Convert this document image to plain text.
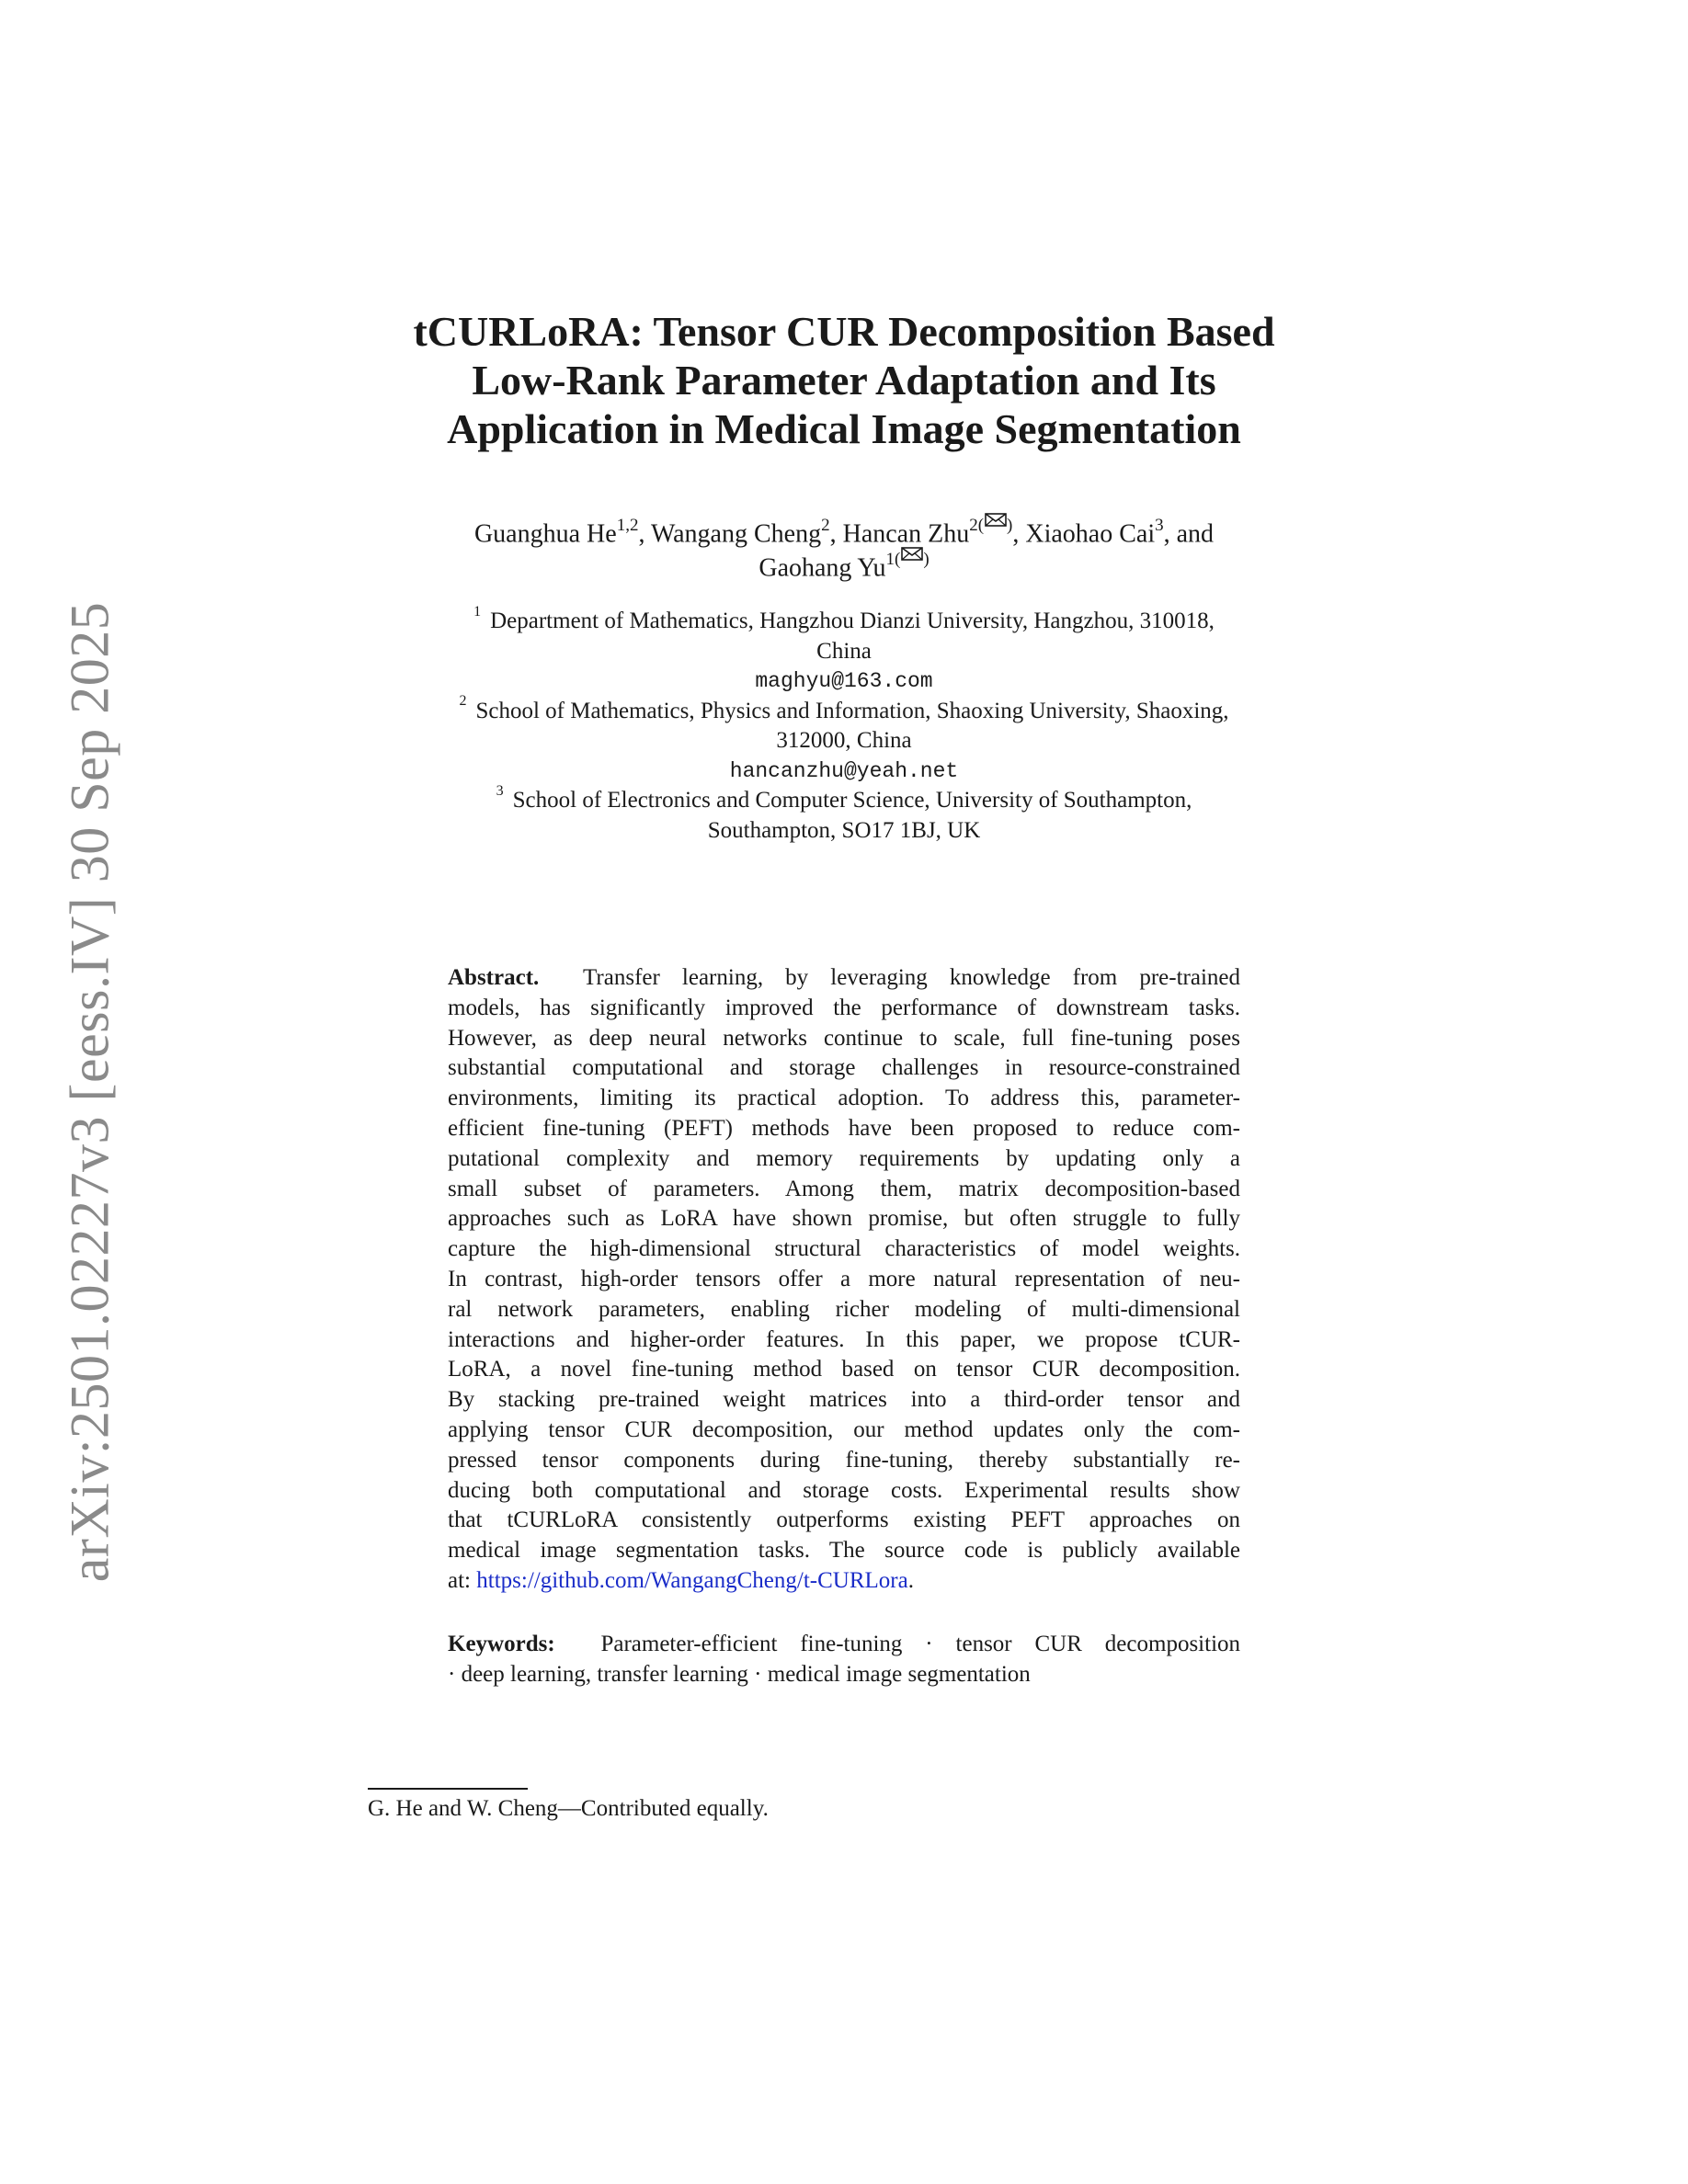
arXiv:2501.02227v3 [eess.IV] 30 Sep 2025
tCURLoRA: Tensor CUR Decomposition Based
Low-Rank Parameter Adaptation and Its
Application in Medical Image Segmentation
Guanghua He$^{1,2}$, Wangang Cheng$^2$, Hancan Zhu$^{2( )}$, Xiaohao Cai$^3$, and
Gaohang $Yu^{1( )}$
$^1$ Department of Mathematics, Hangzhou Dianzi University, Hangzhou, 310018,
China
maghyu@163.com
$^2$ School of Mathematics, Physics and Information, Shaoxing University, Shaoxing,
312000, China
hancanzhu@yeah.net
$^3$ School of Electronics and Computer Science, University of Southampton,
Southampton, SO17 1BJ, UK
Abstract. Transfer learning, by leveraging knowledge from pre-trained
models, has significantly improved the performance of downstream tasks.
However, as deep neural networks continue to scale, full fine-tuning poses
substantial computational and storage challenges in resource-constrained
environments, limiting its practical adoption. To address this, parameter-
efficient fine-tuning (PEFT) methods have been proposed to reduce com-
putational complexity and memory requirements by updating only a
small subset of parameters. Among them, matrix decomposition-based
approaches such as LoRA have shown promise, but often struggle to fully
capture the high-dimensional structural characteristics of model weights.
In contrast, high-order tensors offer a more natural representation of neu-
ral network parameters, enabling richer modeling of multi-dimensional
interactions and higher-order features. In this paper, we propose tCUR-
LoRA, a novel fine-tuning method based on tensor CUR decomposition.
By stacking pre-trained weight matrices into a third-order tensor and
applying tensor CUR decomposition, our method updates only the com-
pressed tensor components during fine-tuning, thereby substantially re-
ducing both computational and storage costs. Experimental results show
that tCURLoRA consistently outperforms existing PEFT approaches on
medical image segmentation tasks. The source code is publicly available
at: https://github.com/WangangCheng/t-CURLora.
Keywords: Parameter-efficient fine-tuning · tensor CUR decomposition
· deep learning, transfer learning · medical image segmentation
G. He and W. Cheng—Contributed equally.
